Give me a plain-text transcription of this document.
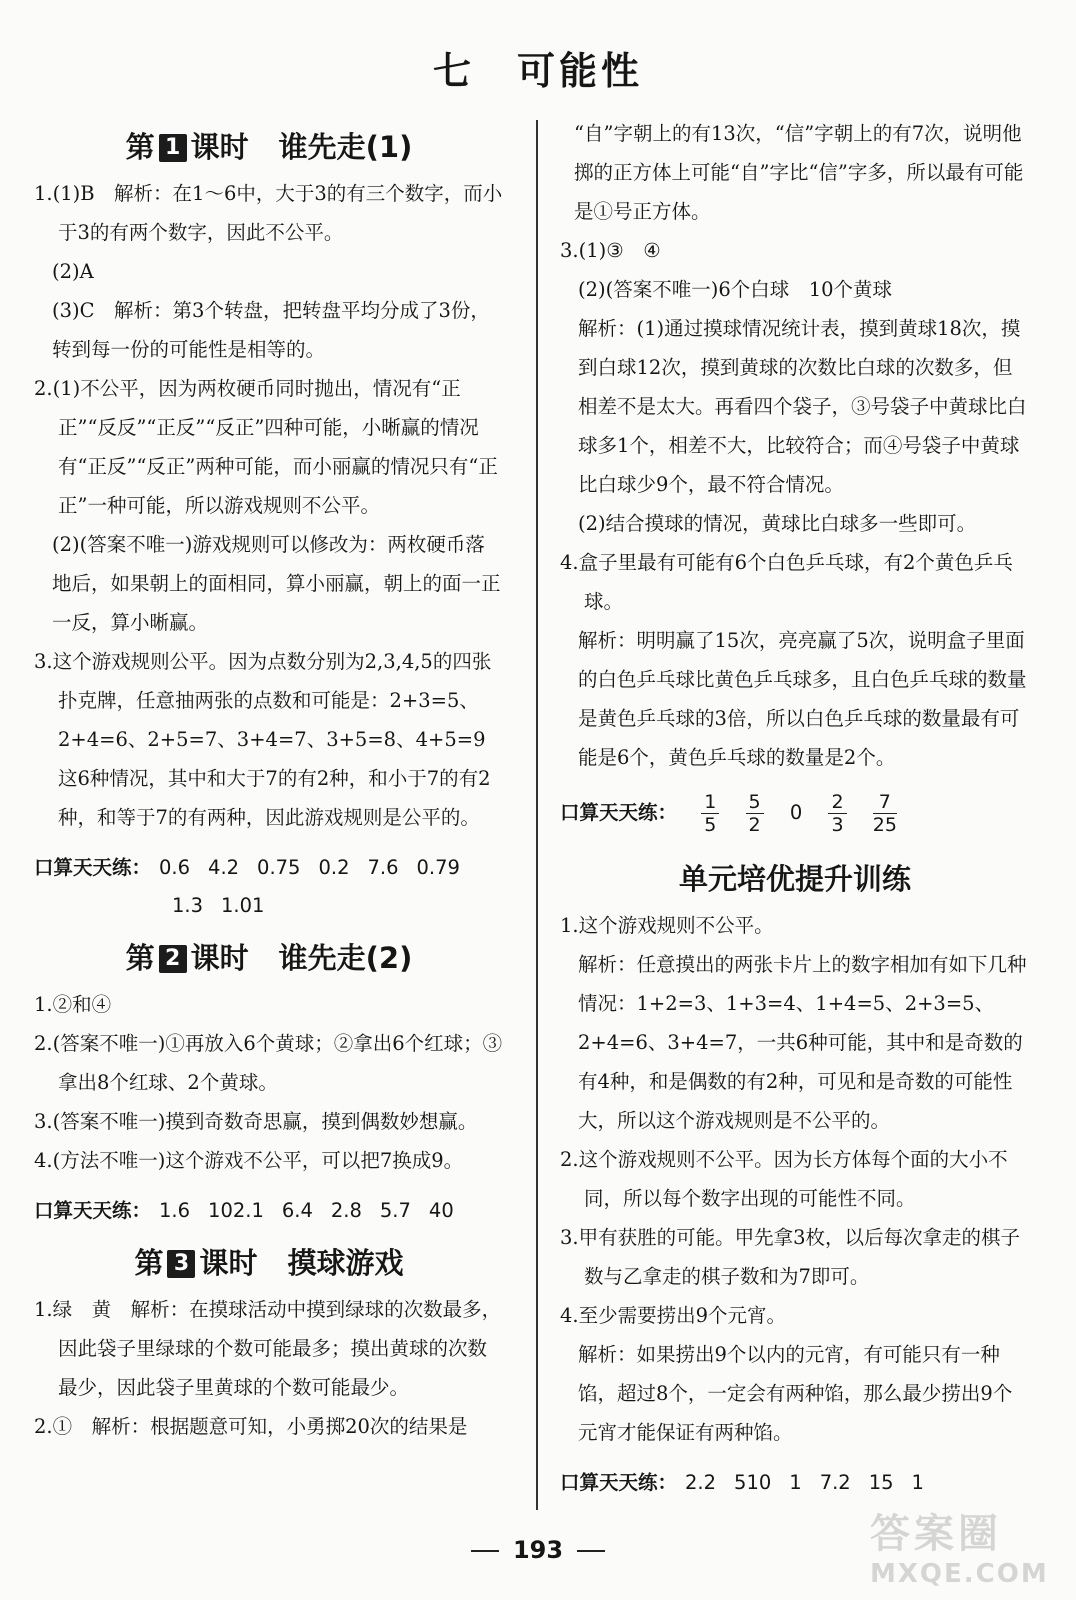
七　可能性
第 1 课时 谁先走(1)

1.(1)B　解析：在1～6中，大于3的有三个数字，而小于3的有两个数字，因此不公平。

(2)A

(3)C　解析：第3个转盘，把转盘平均分成了3份，转到每一份的可能性是相等的。

2.(1)不公平，因为两枚硬币同时抛出，情况有“正正”“反反”“正反”“反正”四种可能，小晰赢的情况有“正反”“反正”两种可能，而小丽赢的情况只有“正正”一种可能，所以游戏规则不公平。

(2)(答案不唯一)游戏规则可以修改为：两枚硬币落地后，如果朝上的面相同，算小丽赢，朝上的面一正一反，算小晰赢。

3.这个游戏规则公平。因为点数分别为2,3,4,5的四张扑克牌，任意抽两张的点数和可能是：2+3=5、2+4=6、2+5=7、3+4=7、3+5=8、4+5=9这6种情况，其中和大于7的有2种，和小于7的有2种，和等于7的有两种，因此游戏规则是公平的。

口算天天练： 0.6 4.2 0.75 0.2 7.6 0.79
1.3 1.01
第 2 课时 谁先走(2)

1.②和④

2.(答案不唯一)①再放入6个黄球；②拿出6个红球；③拿出8个红球、2个黄球。

3.(答案不唯一)摸到奇数奇思赢，摸到偶数妙想赢。

4.(方法不唯一)这个游戏不公平，可以把7换成9。

口算天天练： 1.6 102.1 6.4 2.8 5.7 40
第 3 课时 摸球游戏

1.绿　黄　解析：在摸球活动中摸到绿球的次数最多，因此袋子里绿球的个数可能最多；摸出黄球的次数最少，因此袋子里黄球的个数可能最少。

2.①　解析：根据题意可知，小勇掷20次的结果是

“自”字朝上的有13次，“信”字朝上的有7次，说明他掷的正方体上可能“自”字比“信”字多，所以最有可能是①号正方体。

3.(1)③　④

(2)(答案不唯一)6个白球　10个黄球

解析：(1)通过摸球情况统计表，摸到黄球18次，摸到白球12次，摸到黄球的次数比白球的次数多，但相差不是太大。再看四个袋子，③号袋子中黄球比白球多1个，相差不大，比较符合；而④号袋子中黄球比白球少9个，最不符合情况。

(2)结合摸球的情况，黄球比白球多一些即可。

4.盒子里最有可能有6个白色乒乓球，有2个黄色乒乓球。

解析：明明赢了15次，亮亮赢了5次，说明盒子里面的白色乒乓球比黄色乒乓球多，且白色乒乓球的数量是黄色乒乓球的3倍，所以白色乒乓球的数量最有可能是6个，黄色乒乓球的数量是2个。

口算天天练： $\frac{1}{5}$
$\frac{5}{2} 0 \frac{2}{3}$
$\frac{7}{25}$
单元培优提升训练

1.这个游戏规则不公平。

解析：任意摸出的两张卡片上的数字相加有如下几种情况：1+2=3、1+3=4、1+4=5、2+3=5、2+4=6、3+4=7，一共6种可能，其中和是奇数的有4种，和是偶数的有2种，可见和是奇数的可能性大，所以这个游戏规则是不公平的。

2.这个游戏规则不公平。因为长方体每个面的大小不同，所以每个数字出现的可能性不同。

3.甲有获胜的可能。甲先拿3枚，以后每次拿走的棋子数与乙拿走的棋子数和为7即可。

4.至少需要捞出9个元宵。

解析：如果捞出9个以内的元宵，有可能只有一种馅，超过8个，一定会有两种馅，那么最少捞出9个元宵才能保证有两种馅。

口算天天练： 2.2 510 1 7.2 15 1
193	答案圈
MXQE.COM
